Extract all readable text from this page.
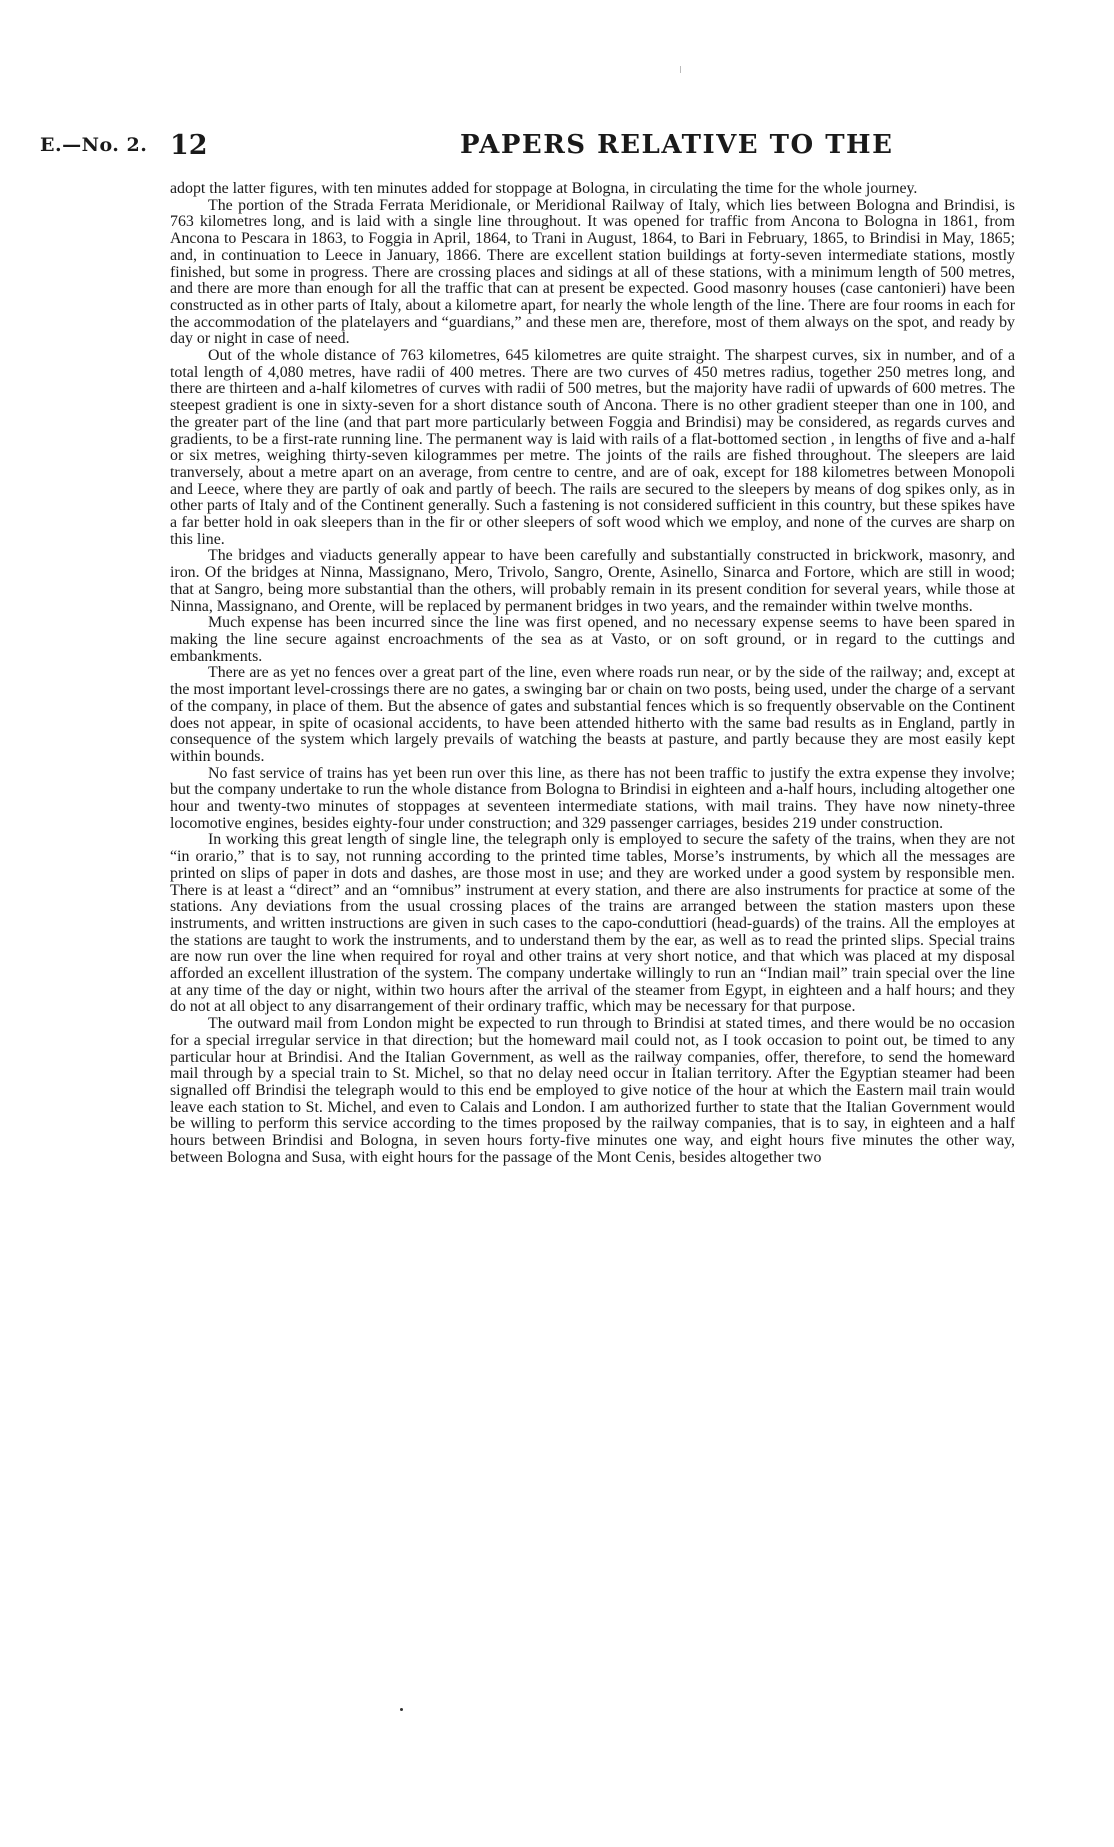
E.—No. 2. 12	PAPERS RELATIVE TO THE

adopt the latter figures, with ten minutes added for stoppage at Bologna, in circulating the time for the whole journey.

The portion of the Strada Ferrata Meridionale, or Meridional Railway of Italy, which lies between Bologna and Brindisi, is 763 kilometres long, and is laid with a single line throughout. It was opened for traffic from Ancona to Bologna in 1861, from Ancona to Pescara in 1863, to Foggia in April, 1864, to Trani in August, 1864, to Bari in February, 1865, to Brindisi in May, 1865; and, in continuation to Leece in January, 1866. There are excellent station buildings at forty-seven intermediate stations, mostly finished, but some in progress. There are crossing places and sidings at all of these stations, with a minimum length of 500 metres, and there are more than enough for all the traffic that can at present be expected. Good masonry houses (case cantonieri) have been constructed as in other parts of Italy, about a kilometre apart, for nearly the whole length of the line. There are four rooms in each for the accommodation of the platelayers and “guardians,” and these men are, therefore, most of them always on the spot, and ready by day or night in case of need.

Out of the whole distance of 763 kilometres, 645 kilometres are quite straight. The sharpest curves, six in number, and of a total length of 4,080 metres, have radii of 400 metres. There are two curves of 450 metres radius, together 250 metres long, and there are thirteen and a-half kilometres of curves with radii of 500 metres, but the majority have radii of upwards of 600 metres. The steepest gradient is one in sixty-seven for a short distance south of Ancona. There is no other gradient steeper than one in 100, and the greater part of the line (and that part more particularly between Foggia and Brindisi) may be considered, as regards curves and gradients, to be a first-rate running line. The permanent way is laid with rails of a flat-bottomed section , in lengths of five and a-half or six metres, weighing thirty-seven kilogrammes per metre. The joints of the rails are fished throughout. The sleepers are laid tranversely, about a metre apart on an average, from centre to centre, and are of oak, except for 188 kilometres between Monopoli and Leece, where they are partly of oak and partly of beech. The rails are secured to the sleepers by means of dog spikes only, as in other parts of Italy and of the Continent generally. Such a fastening is not considered sufficient in this country, but these spikes have a far better hold in oak sleepers than in the fir or other sleepers of soft wood which we employ, and none of the curves are sharp on this line.

The bridges and viaducts generally appear to have been carefully and substantially constructed in brickwork, masonry, and iron. Of the bridges at Ninna, Massignano, Mero, Trivolo, Sangro, Orente, Asinello, Sinarca and Fortore, which are still in wood; that at Sangro, being more substantial than the others, will probably remain in its present condition for several years, while those at Ninna, Massignano, and Orente, will be replaced by permanent bridges in two years, and the remainder within twelve months.

Much expense has been incurred since the line was first opened, and no necessary expense seems to have been spared in making the line secure against encroachments of the sea as at Vasto, or on soft ground, or in regard to the cuttings and embankments.

There are as yet no fences over a great part of the line, even where roads run near, or by the side of the railway; and, except at the most important level-crossings there are no gates, a swinging bar or chain on two posts, being used, under the charge of a servant of the company, in place of them. But the absence of gates and substantial fences which is so frequently observable on the Continent does not appear, in spite of ocasional accidents, to have been attended hitherto with the same bad results as in England, partly in consequence of the system which largely prevails of watching the beasts at pasture, and partly because they are most easily kept within bounds.

No fast service of trains has yet been run over this line, as there has not been traffic to justify the extra expense they involve; but the company undertake to run the whole distance from Bologna to Brindisi in eighteen and a-half hours, including altogether one hour and twenty-two minutes of stoppages at seventeen intermediate stations, with mail trains. They have now ninety-three locomotive engines, besides eighty-four under construction; and 329 passenger carriages, besides 219 under construction.

In working this great length of single line, the telegraph only is employed to secure the safety of the trains, when they are not “in orario,” that is to say, not running according to the printed time tables, Morse’s instruments, by which all the messages are printed on slips of paper in dots and dashes, are those most in use; and they are worked under a good system by responsible men. There is at least a “direct” and an “omnibus” instrument at every station, and there are also instruments for practice at some of the stations. Any deviations from the usual crossing places of the trains are arranged between the station masters upon these instruments, and written instructions are given in such cases to the capo-conduttiori (head-guards) of the trains. All the employes at the stations are taught to work the instruments, and to understand them by the ear, as well as to read the printed slips. Special trains are now run over the line when required for royal and other trains at very short notice, and that which was placed at my disposal afforded an excellent illustration of the system. The company undertake willingly to run an “Indian mail” train special over the line at any time of the day or night, within two hours after the arrival of the steamer from Egypt, in eighteen and a half hours; and they do not at all object to any disarrangement of their ordinary traffic, which may be necessary for that purpose.

The outward mail from London might be expected to run through to Brindisi at stated times, and there would be no occasion for a special irregular service in that direction; but the homeward mail could not, as I took occasion to point out, be timed to any particular hour at Brindisi. And the Italian Government, as well as the railway companies, offer, therefore, to send the homeward mail through by a special train to St. Michel, so that no delay need occur in Italian territory. After the Egyptian steamer had been signalled off Brindisi the telegraph would to this end be employed to give notice of the hour at which the Eastern mail train would leave each station to St. Michel, and even to Calais and London. I am authorized further to state that the Italian Government would be willing to perform this service according to the times proposed by the railway companies, that is to say, in eighteen and a half hours between Brindisi and Bologna, in seven hours forty-five minutes one way, and eight hours five minutes the other way, between Bologna and Susa, with eight hours for the passage of the Mont Cenis, besides altogether two
